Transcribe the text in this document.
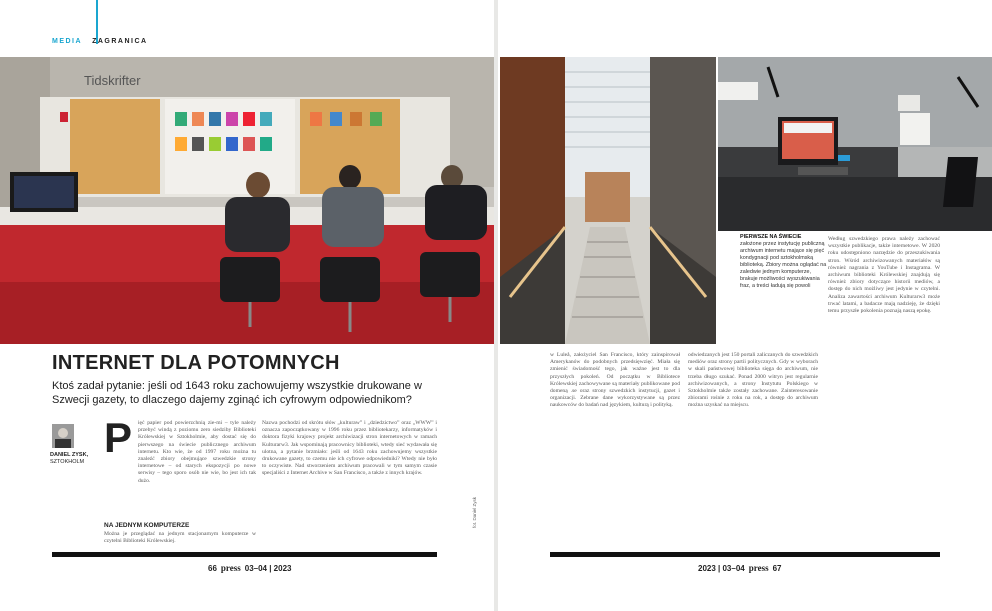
MEDIA ZAGRANICA
Tidskrifter
INTERNET DLA POTOMNYCH
Ktoś zadał pytanie: jeśli od 1643 roku zachowujemy wszystkie drukowane w Szwecji gazety, to dlaczego dajemy zginąć ich cyfrowym odpowiednikom?
DANIEL ZYSK,
SZTOKHOLM
P ięć papier pod powierzchnią zie-mi – tyle należy przebyć windą z poziomu zero siedziby Biblioteki Królewskiej w Sztokholmie, aby dostać się do pierwszego na świecie publicznego archiwum internetu. Kto wie, że od 1997 roku można tu znaleźć zbiory obejmujące szwedzkie strony internetowe – od starych ekspozycji po nowe serwisy – tego sporo osób nie wie, bo jest ich tak dużo.
NA JEDNYM KOMPUTERZE
Można je przeglądać na jednym stacjonarnym komputerze w czytelni Biblioteki Królewskiej.
Nazwa pochodzi od skrótu słów „kulturaw” i „dziedzictwo” oraz „WWW” i oznacza zapoczątkowany w 1996 roku przez bibliotekarzy, informatyków i doktora fizyki krajowy projekt archiwizacji stron internetowych w ramach Kulturarw3. Jak wspominają pracownicy biblioteki, wtedy sieć wydawała się ulotna, a pytanie brzmiało: jeśli od 1643 roku zachowujemy wszystkie drukowane gazety, to czemu nie ich cyfrowe odpowiedniki? Wtedy nie było to oczywiste. Nad stworzeniem archiwum pracowali w tym samym czasie specjaliści z Internet Archive w San Francisco, a także z innych krajów.
fot. Daniel Zysk
66 press 03–04 | 2023
PIERWSZE NA ŚWIECIE
założone przez instytucję publiczną archiwum internetu mające się pięć kondygnacji pod sztokholmską biblioteką. Zbiory można oglądać na zaledwie jednym komputerze, brakuje możliwości wyszukiwania fraz, a treści ładują się powoli
w Luleå, założyciel San Francisco, który zainspirował Amerykanów do podobnych przedsięwzięć. Miała się zmienić świadomość tego, jak ważne jest to dla przyszłych pokoleń. Od początku w Bibliotece Królewskiej zachowywane są materiały publikowane pod domeną .se oraz strony szwedzkich instytucji, gazet i organizacji. Zebrane dane wykorzystywane są przez naukowców do badań nad językiem, kulturą i polityką.
odwiedzanych jest 150 portali zaliczanych do szwedzkich mediów oraz strony partii politycznych. Gdy w wyborach w skali państwowej biblioteka sięga do archiwum, nie trzeba długo szukać. Ponad 2000 witryn jest regularnie archiwizowanych, a strony Instytutu Polskiego w Sztokholmie także zostały zachowane. Zainteresowanie zbiorami rośnie z roku na rok, a dostęp do archiwum można uzyskać na miejscu.
Według szwedzkiego prawa należy zachować wszystkie publikacje, także internetowe. W 2020 roku udostępniono narzędzie do przeszukiwania stron. Wśród archiwizowanych materiałów są również nagrania z YouTube i Instagrama. W archiwum biblioteki Królewskiej znajdują się również zbiory dotyczące historii mediów, a dostęp do nich możliwy jest jedynie w czytelni. Analiza zawartości archiwum Kulturarw3 może trwać latami, a badacze mają nadzieję, że dzięki temu przyszłe pokolenia poznają naszą epokę.
2023 | 03–04 press 67
